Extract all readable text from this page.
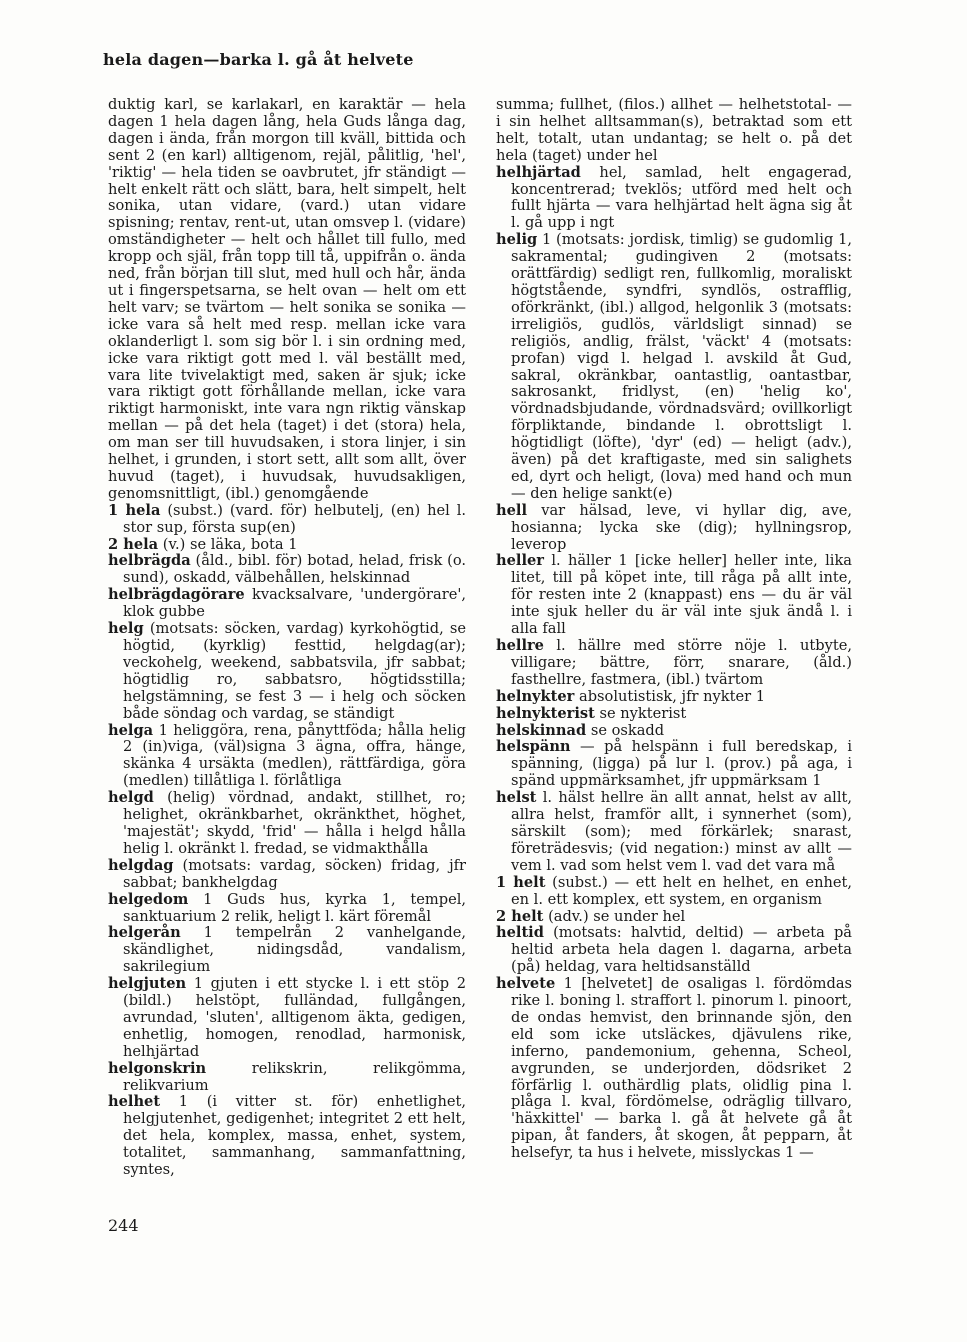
hela dagen—barka l. gå åt helvete

duktig karl, se karlakarl, en karaktär — hela dagen 1 hela dagen lång, hela Guds långa dag, dagen i ända, från morgon till kväll, bittida och sent 2 (en karl) alltigenom, rejäl, pålitlig, 'hel', 'riktig' — hela tiden se oavbrutet, jfr ständigt — helt enkelt rätt och slätt, bara, helt simpelt, helt sonika, utan vidare, (vard.) utan vidare spisning; rentav, rent-ut, utan omsvep l. (vidare) omständigheter — helt och hållet till fullo, med kropp och själ, från topp till tå, uppifrån o. ända ned, från början till slut, med hull och hår, ända ut i fingerspetsarna, se helt ovan — helt om ett helt varv; se tvärtom — helt sonika se sonika — icke vara så helt med resp. mellan icke vara oklanderligt l. som sig bör l. i sin ordning med, icke vara riktigt gott med l. väl beställt med, vara lite tvivelaktigt med, saken är sjuk; icke vara riktigt gott förhållande mellan, icke vara riktigt harmoniskt, inte vara ngn riktig vänskap mellan — på det hela (taget) i det (stora) hela, om man ser till huvudsaken, i stora linjer, i sin helhet, i grunden, i stort sett, allt som allt, över huvud (taget), i huvudsak, huvudsakligen, genomsnittligt, (ibl.) genomgående

1 hela (subst.) (vard. för) helbutelj, (en) hel l. stor sup, första sup(en)

2 hela (v.) se läka, bota 1

helbrägda (åld., bibl. för) botad, helad, frisk (o. sund), oskadd, välbehållen, helskinnad

helbrägdagörare kvacksalvare, 'undergörare', klok gubbe

helg (motsats: söcken, vardag) kyrkohögtid, se högtid, (kyrklig) festtid, helgdag(ar); veckohelg, weekend, sabbatsvila, jfr sabbat; högtidlig ro, sabbatsro, högtidsstilla; helgstämning, se fest 3 — i helg och söcken både söndag och vardag, se ständigt

helga 1 heliggöra, rena, pånyttföda; hålla helig 2 (in)viga, (väl)signa 3 ägna, offra, hänge, skänka 4 ursäkta (medlen), rättfärdiga, göra (medlen) tillåtliga l. förlåtliga

helgd (helig) vördnad, andakt, stillhet, ro; helighet, okränkbarhet, okränkthet, höghet, 'majestät'; skydd, 'frid' — hålla i helgd hålla helig l. okränkt l. fredad, se vidmakthålla

helgdag (motsats: vardag, söcken) fridag, jfr sabbat; bankhelgdag

helgedom 1 Guds hus, kyrka 1, tempel, sanktuarium 2 relik, heligt l. kärt föremål

helgerån 1 tempelrån 2 vanhelgande, skändlighet, nidingsdåd, vandalism, sakrilegium

helgjuten 1 gjuten i ett stycke l. i ett stöp 2 (bildl.) helstöpt, fulländad, fullgången, avrundad, 'sluten', alltigenom äkta, gedigen, enhetlig, homogen, renodlad, harmonisk, helhjärtad

helgonskrin	relikskrin, relikgömma, relikvarium

helhet 1 (i vitter st. för) enhetlighet, helgjutenhet, gedigenhet; integritet 2 ett helt, det hela, komplex, massa, enhet, system, totalitet, sammanhang, sammanfattning, syntes,

summa; fullhet, (filos.) allhet — helhetstotal- — i sin helhet alltsamman(s), betraktad som ett helt, totalt, utan undantag; se helt o. på det hela (taget) under hel

helhjärtad hel, samlad, helt engagerad, koncentrerad; tveklös; utförd med helt och fullt hjärta — vara helhjärtad helt ägna sig åt l. gå upp i ngt

helig 1 (motsats: jordisk, timlig) se gudomlig 1, sakramental; gudingiven 2 (motsats: orättfärdig) sedligt ren, fullkomlig, moraliskt högtstående, syndfri, syndlös, ostrafflig, oförkränkt, (ibl.) allgod, helgonlik 3 (motsats: irreligiös, gudlös, världsligt sinnad) se religiös, andlig, frälst, 'väckt' 4 (motsats: profan) vigd l. helgad l. avskild åt Gud, sakral, okränkbar, oantastlig, oantastbar, sakrosankt, fridlyst, (en) 'helig ko', vördnadsbjudande, vördnadsvärd; ovillkorligt förpliktande, bindande l. obrottsligt l. högtidligt (löfte), 'dyr' (ed) — heligt (adv.), även) på det kraftigaste, med sin salighets ed, dyrt och heligt, (lova) med hand och mun — den helige sankt(e)

hell var hälsad, leve, vi hyllar dig, ave, hosianna; lycka ske (dig); hyllningsrop, leverop

heller l. häller 1 [icke heller] heller inte, lika litet, till på köpet inte, till råga på allt inte, för resten inte 2 (knappast) ens — du är väl inte sjuk heller du är väl inte sjuk ändå l. i alla fall

hellre l. hällre med större nöje l. utbyte, villigare; bättre, förr, snarare, (åld.) fasthellre, fastmera, (ibl.) tvärtom

helnykter absolutistisk, jfr nykter 1

helnykterist se nykterist

helskinnad se oskadd

helspänn — på helspänn i full beredskap, i spänning, (ligga) på lur l. (prov.) på aga, i spänd uppmärksamhet, jfr uppmärksam 1

helst l. hälst hellre än allt annat, helst av allt, allra helst, framför allt, i synnerhet (som), särskilt (som); med förkärlek; snarast, företrädesvis; (vid negation:) minst av allt — vem l. vad som helst vem l. vad det vara må

1 helt (subst.) — ett helt en helhet, en enhet, en l. ett komplex, ett system, en organism

2 helt (adv.) se under hel

heltid (motsats: halvtid, deltid) — arbeta på heltid arbeta hela dagen l. dagarna, arbeta (på) heldag, vara heltidsanställd

helvete 1 [helvetet] de osaligas l. fördömdas rike l. boning l. straffort l. pinorum l. pinoort, de ondas hemvist, den brinnande sjön, den eld som icke utsläckes, djävulens rike, inferno, pandemonium, gehenna, Scheol, avgrunden, se underjorden, dödsriket 2 förfärlig l. outhärdlig plats, olidlig pina l. plåga l. kval, fördömelse, odräglig tillvaro, 'häxkittel' — barka l. gå åt helvete gå åt pipan, åt fanders, åt skogen, åt pepparn, åt helsefyr, ta hus i helvete, misslyckas 1 —

244
